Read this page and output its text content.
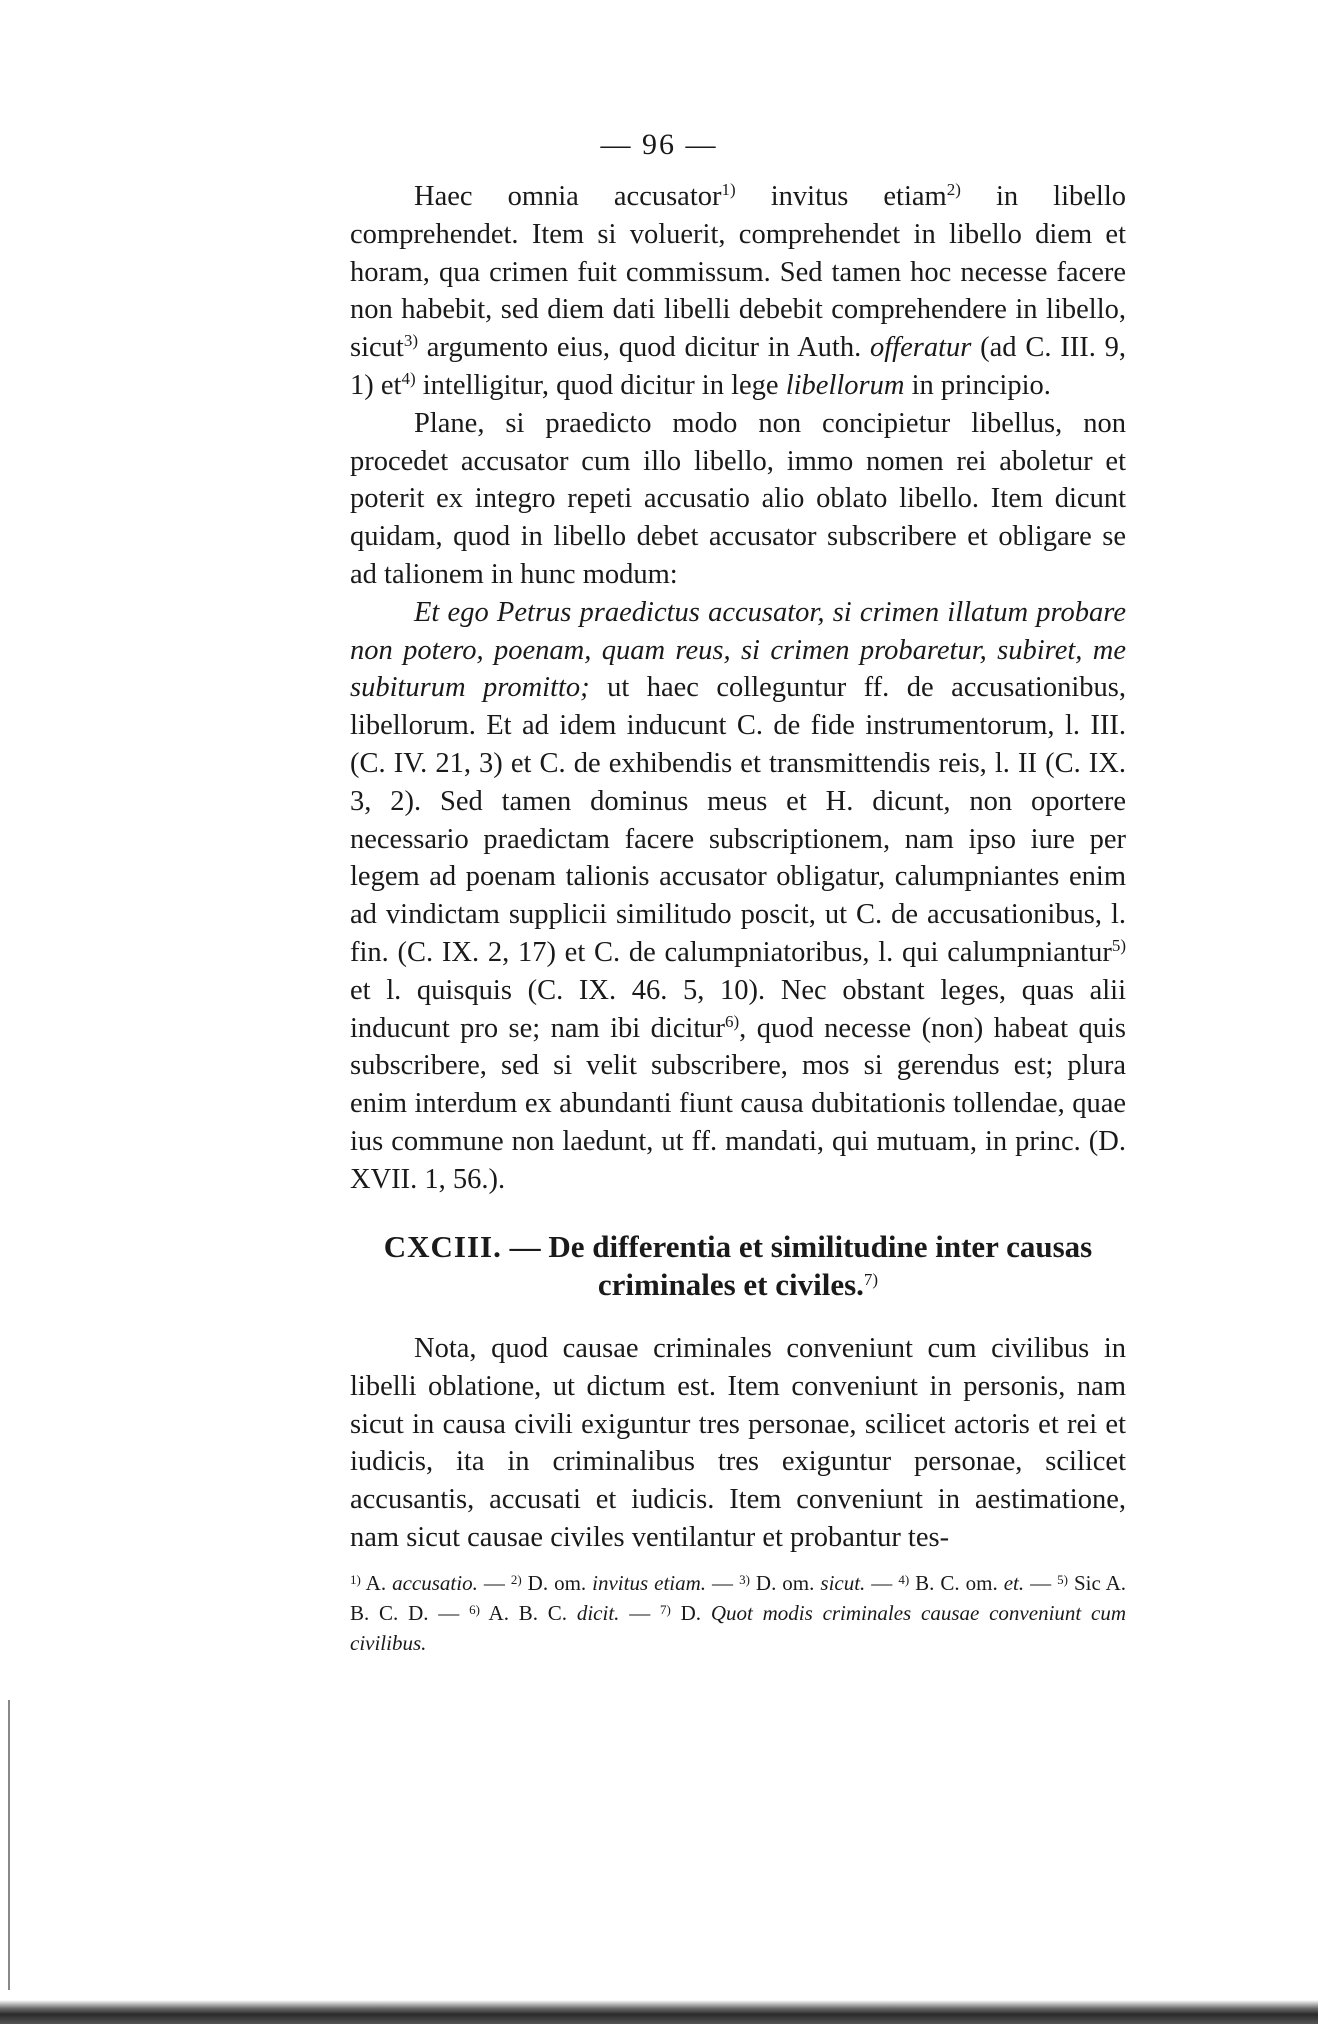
— 96 —

Haec omnia accusator$^{1)}$ invitus etiam$^{2)}$ in libello comprehendet. Item si voluerit, comprehendet in libello diem et horam, qua crimen fuit commissum. Sed tamen hoc necesse facere non habebit, sed diem dati libelli debebit comprehendere in libello, sicut$^{3)}$ argumento eius, quod dicitur in Auth. offeratur (ad C. III. 9, 1) $et^{4)}$ intelligitur, quod dicitur in lege libellorum in principio.

Plane, si praedicto modo non concipietur libellus, non procedet accusator cum illo libello, immo nomen rei aboletur et poterit ex integro repeti accusatio alio oblato libello. Item dicunt quidam, quod in libello debet accusator subscribere et obligare se ad talionem in hunc modum:

Et ego Petrus praedictus accusator, si crimen illatum probare non potero, poenam, quam reus, si crimen probaretur, subiret, me subiturum promitto; ut haec colleguntur ff. de accusationibus, libellorum. Et ad idem inducunt C. de fide instrumentorum, l. III. (C. IV. 21, 3) et C. de exhibendis et transmittendis reis, l. II (C. IX. 3, 2). Sed tamen dominus meus et H. dicunt, non oportere necessario praedictam facere subscriptionem, nam ipso iure per legem ad poenam talionis accusator obligatur, calumpniantes enim ad vindictam supplicii similitudo poscit, ut C. de accusationibus, l. fin. (C. IX. 2, 17) et C. de calumpniatoribus, l. qui calumpniantur$^{5)}$ et l. quisquis (C. IX. 46. 5, 10). Nec obstant leges, quas alii inducunt pro se; nam ibi dicitur$^{6)}$, quod necesse (non) habeat quis subscribere, sed si velit subscribere, mos si gerendus est; plura enim interdum ex abundanti fiunt causa dubitationis tollendae, quae ius commune non laedunt, ut ff. mandati, qui mutuam, in princ. (D. XVII. 1, 56.).

CXCIII. — De differentia et similitudine inter causas criminales et civiles.$^{7)}$

Nota, quod causae criminales conveniunt cum civilibus in libelli oblatione, ut dictum est. Item conveniunt in personis, nam sicut in causa civili exiguntur tres personae, scilicet actoris et rei et iudicis, ita in criminalibus tres exiguntur personae, scilicet accusantis, accusati et iudicis. Item conveniunt in aestimatione, nam sicut causae civiles ventilantur et probantur tes-

$^{1)}$ A. accusatio. — $^{2)}$ D. om. invitus etiam. — $^{3)}$ D. om. sicut. — $^{4)}$ B. C. om. et. — $^{5)}$ Sic A. B. C. D. — $^{6)}$ A. B. C. dicit. — $^{7)}$ D. Quot modis criminales causae conveniunt cum civilibus.
